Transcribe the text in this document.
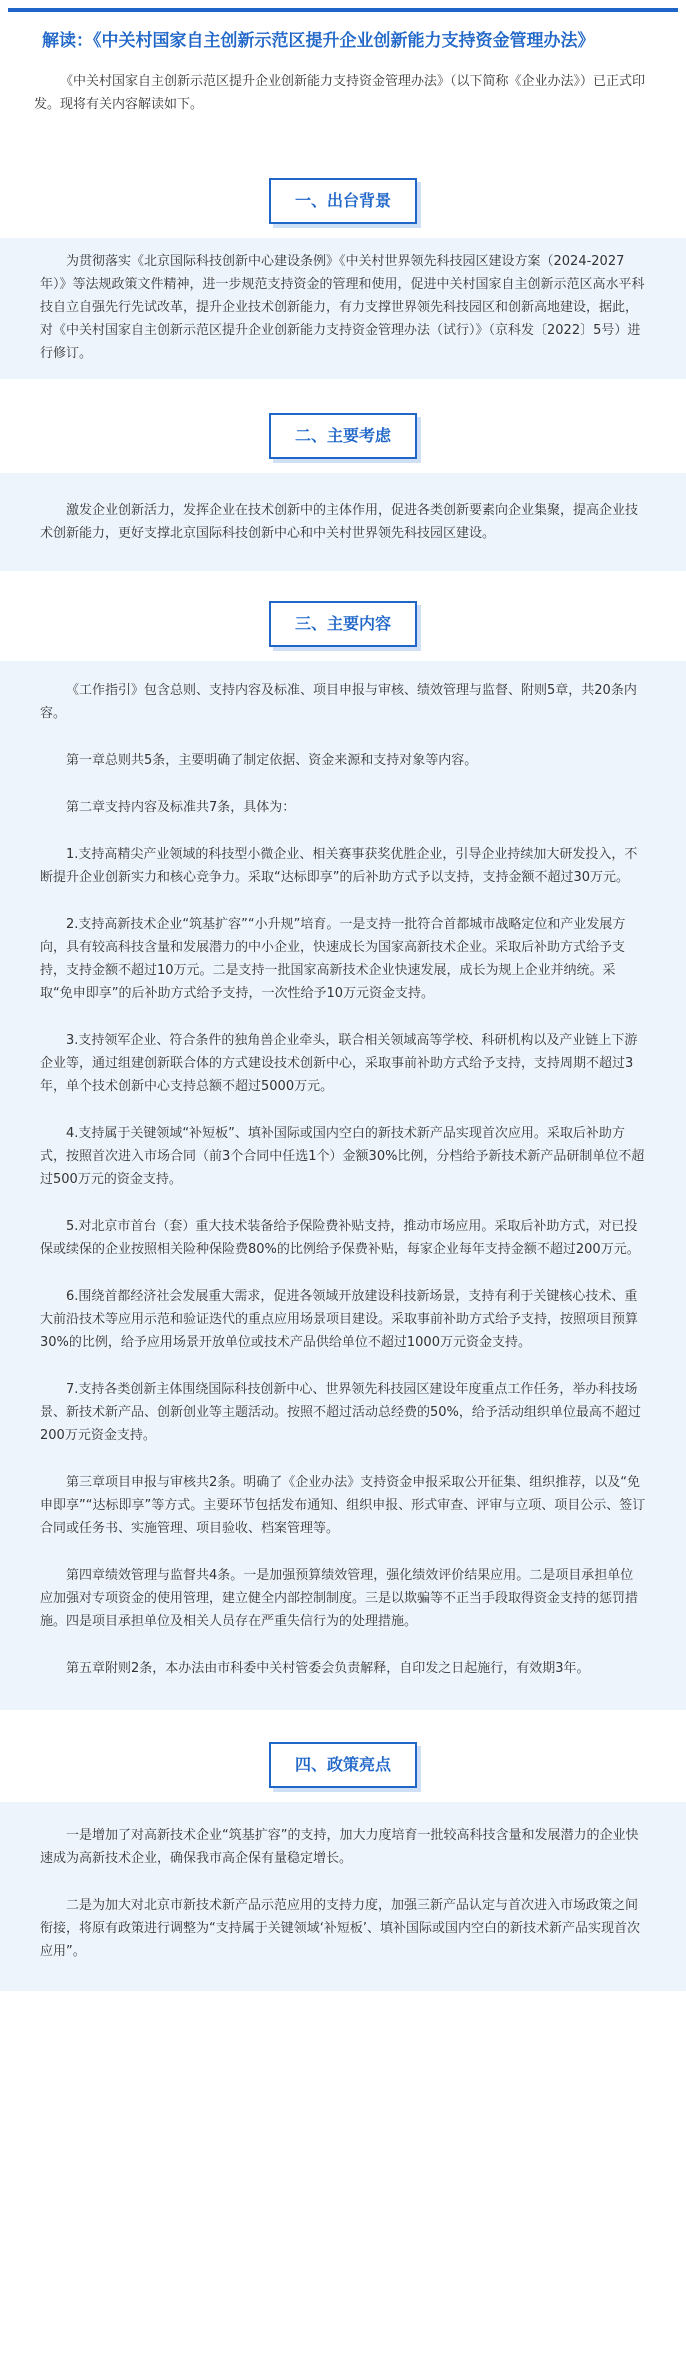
解读：《中关村国家自主创新示范区提升企业创新能力支持资金管理办法》
《中关村国家自主创新示范区提升企业创新能力支持资金管理办法》（以下简称《企业办法》）已正式印发。现将有关内容解读如下。
一、出台背景

为贯彻落实《北京国际科技创新中心建设条例》《中关村世界领先科技园区建设方案（2024-2027年）》等法规政策文件精神，进一步规范支持资金的管理和使用，促进中关村国家自主创新示范区高水平科技自立自强先行先试改革，提升企业技术创新能力，有力支撑世界领先科技园区和创新高地建设，据此，对《中关村国家自主创新示范区提升企业创新能力支持资金管理办法（试行）》（京科发〔2022〕5号）进行修订。

二、主要考虑

激发企业创新活力，发挥企业在技术创新中的主体作用，促进各类创新要素向企业集聚，提高企业技术创新能力，更好支撑北京国际科技创新中心和中关村世界领先科技园区建设。

三、主要内容

《工作指引》包含总则、支持内容及标准、项目申报与审核、绩效管理与监督、附则5章，共20条内容。

第一章总则共5条，主要明确了制定依据、资金来源和支持对象等内容。

第二章支持内容及标准共7条，具体为：

1.支持高精尖产业领域的科技型小微企业、相关赛事获奖优胜企业，引导企业持续加大研发投入，不断提升企业创新实力和核心竞争力。采取“达标即享”的后补助方式予以支持，支持金额不超过30万元。

2.支持高新技术企业“筑基扩容”“小升规”培育。一是支持一批符合首都城市战略定位和产业发展方向，具有较高科技含量和发展潜力的中小企业，快速成长为国家高新技术企业。采取后补助方式给予支持，支持金额不超过10万元。二是支持一批国家高新技术企业快速发展，成长为规上企业并纳统。采取“免申即享”的后补助方式给予支持，一次性给予10万元资金支持。

3.支持领军企业、符合条件的独角兽企业牵头，联合相关领域高等学校、科研机构以及产业链上下游企业等，通过组建创新联合体的方式建设技术创新中心，采取事前补助方式给予支持，支持周期不超过3年，单个技术创新中心支持总额不超过5000万元。

4.支持属于关键领域“补短板”、填补国际或国内空白的新技术新产品实现首次应用。采取后补助方式，按照首次进入市场合同（前3个合同中任选1个）金额30%比例，分档给予新技术新产品研制单位不超过500万元的资金支持。

5.对北京市首台（套）重大技术装备给予保险费补贴支持，推动市场应用。采取后补助方式，对已投保或续保的企业按照相关险种保险费80%的比例给予保费补贴，每家企业每年支持金额不超过200万元。

6.围绕首都经济社会发展重大需求，促进各领域开放建设科技新场景，支持有利于关键核心技术、重大前沿技术等应用示范和验证迭代的重点应用场景项目建设。采取事前补助方式给予支持，按照项目预算30%的比例，给予应用场景开放单位或技术产品供给单位不超过1000万元资金支持。

7.支持各类创新主体围绕国际科技创新中心、世界领先科技园区建设年度重点工作任务，举办科技场景、新技术新产品、创新创业等主题活动。按照不超过活动总经费的50%，给予活动组织单位最高不超过200万元资金支持。

第三章项目申报与审核共2条。明确了《企业办法》支持资金申报采取公开征集、组织推荐，以及“免申即享”“达标即享”等方式。主要环节包括发布通知、组织申报、形式审查、评审与立项、项目公示、签订合同或任务书、实施管理、项目验收、档案管理等。

第四章绩效管理与监督共4条。一是加强预算绩效管理，强化绩效评价结果应用。二是项目承担单位应加强对专项资金的使用管理，建立健全内部控制制度。三是以欺骗等不正当手段取得资金支持的惩罚措施。四是项目承担单位及相关人员存在严重失信行为的处理措施。

第五章附则2条，本办法由市科委中关村管委会负责解释，自印发之日起施行，有效期3年。

四、政策亮点

一是增加了对高新技术企业“筑基扩容”的支持，加大力度培育一批较高科技含量和发展潜力的企业快速成为高新技术企业，确保我市高企保有量稳定增长。

二是为加大对北京市新技术新产品示范应用的支持力度，加强三新产品认定与首次进入市场政策之间衔接，将原有政策进行调整为“支持属于关键领域‘补短板’、填补国际或国内空白的新技术新产品实现首次应用”。
